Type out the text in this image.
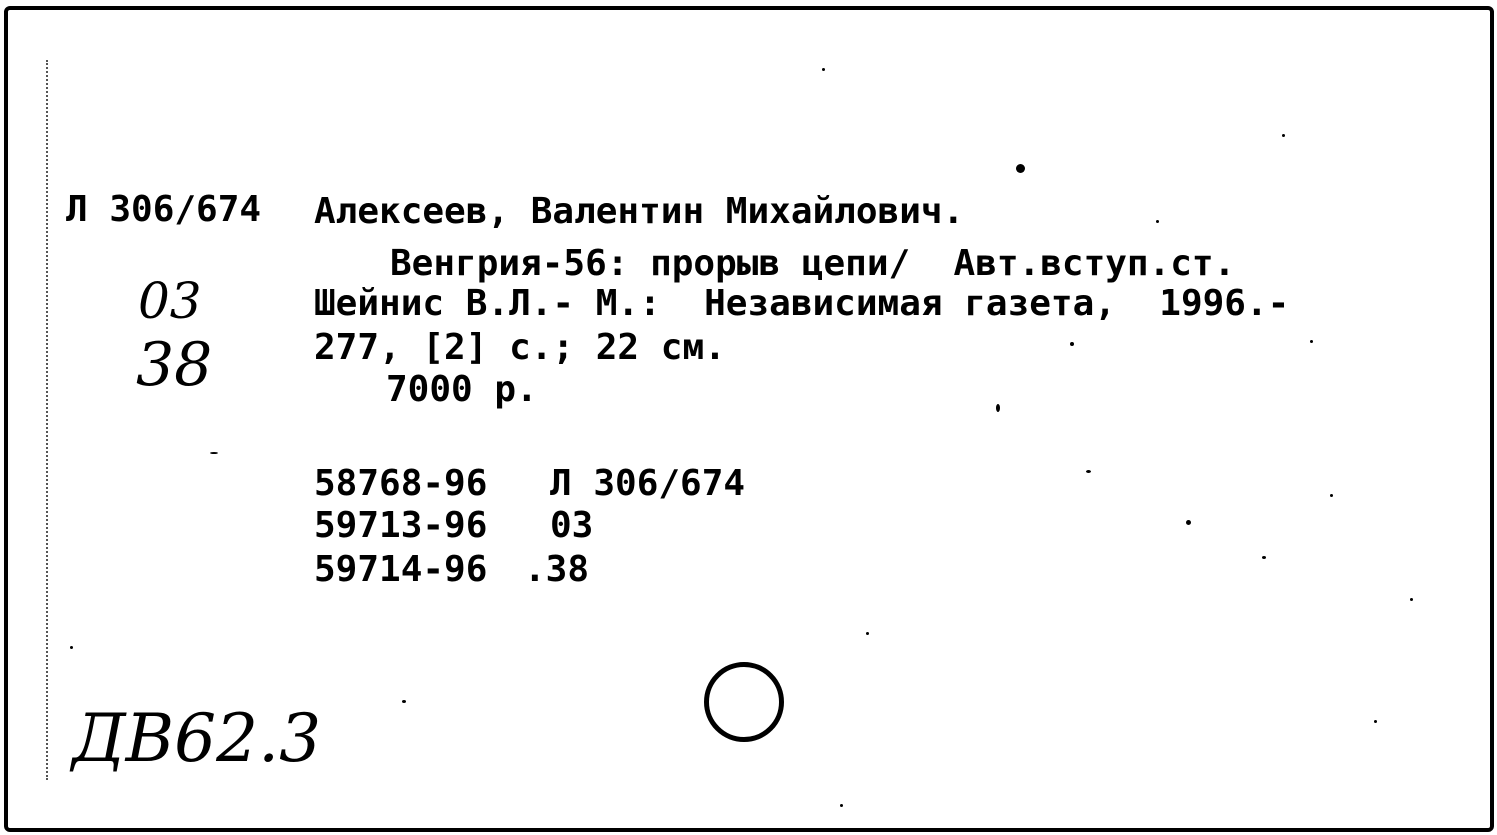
Л 306/674 Алексеев, Валентин Михайлович.
Венгрия-56: прорыв цепи/  Авт.вступ.ст.
Шейнис В.Л.- М.:  Независимая газета,  1996.-
277, [2] с.; 22 см.
7000 р.
58768-96 Л 306/674
59713-96 03
59714-96 .38
03
38
ДВ62.3
